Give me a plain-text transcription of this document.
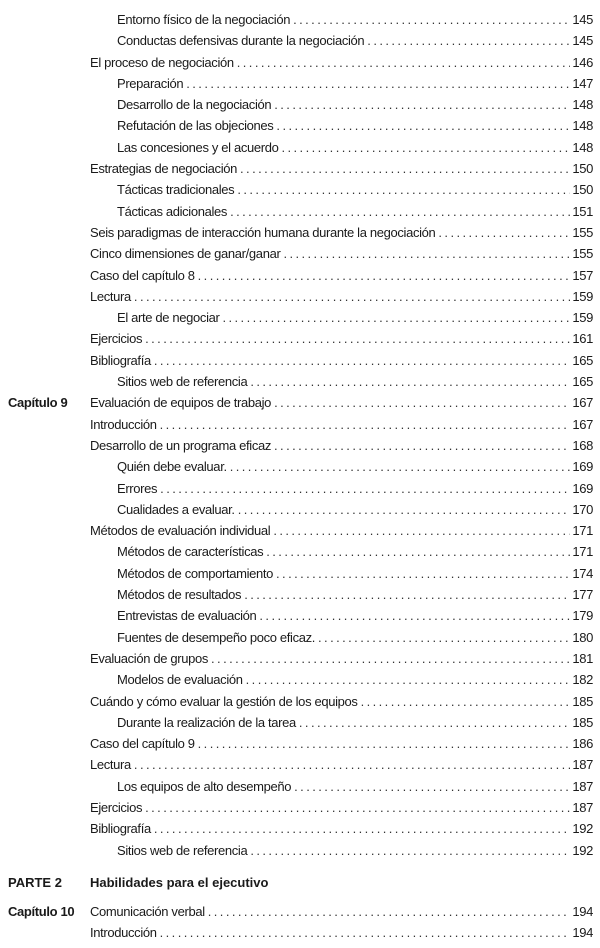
Entorno físico de la negociación . . .	145
Conductas defensivas durante la negociación . . .	145
El proceso de negociación . . .	146
Preparación . . .	147
Desarrollo de la negociación . . .	148
Refutación de las objeciones . . .	148
Las concesiones y el acuerdo . . .	148
Estrategias de negociación . . .	150
Tácticas tradicionales . . .	150
Tácticas adicionales . . .	151
Seis paradigmas de interacción humana durante la negociación . . .	155
Cinco dimensiones de ganar/ganar . . .	155
Caso del capítulo 8 . . .	157
Lectura . . .	159
El arte de negociar . . .	159
Ejercicios . . .	161
Bibliografía . . .	165
Sitios web de referencia . . .	165
Capítulo 9 Evaluación de equipos de trabajo . . .	167
Introducción . . .	167
Desarrollo de un programa eficaz . . .	168
Quién debe evaluar. . . .	169
Errores . . .	169
Cualidades a evaluar. . . .	170
Métodos de evaluación individual . . .	171
Métodos de características . . .	171
Métodos de comportamiento . . .	174
Métodos de resultados . . .	177
Entrevistas de evaluación . . .	179
Fuentes de desempeño poco eficaz. . . .	180
Evaluación de grupos . . .	181
Modelos de evaluación . . .	182
Cuándo y cómo evaluar la gestión de los equipos . . .	185
Durante la realización de la tarea . . .	185
Caso del capítulo 9 . . .	186
Lectura . . .	187
Los equipos de alto desempeño . . .	187
Ejercicios . . .	187
Bibliografía . . .	192
Sitios web de referencia . . .	192
PARTE 2 Habilidades para el ejecutivo
Capítulo 10 Comunicación verbal . . .	194
Introducción . . .	194
